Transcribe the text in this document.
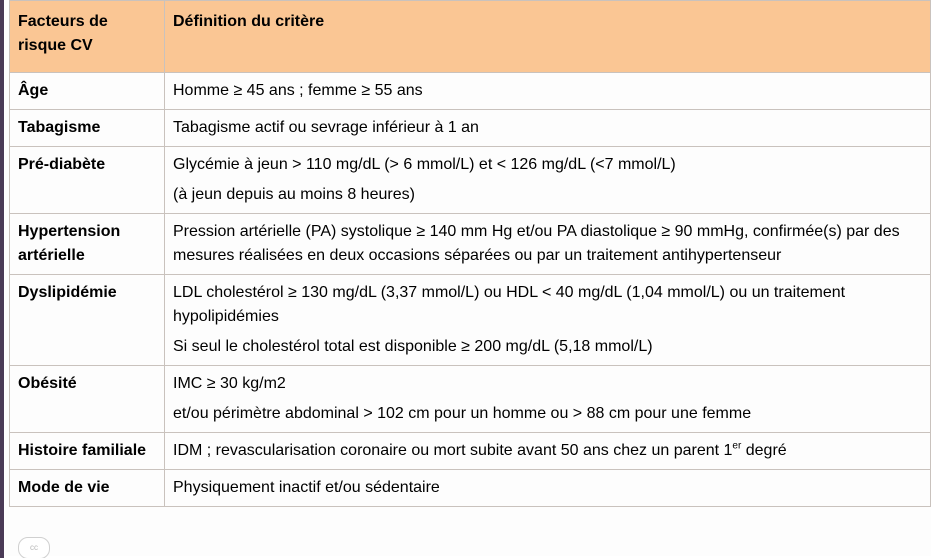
Facteurs de risque CV	Définition du critère
Âge	Homme ≥ 45 ans ; femme ≥ 55 ans

Tabagisme	Tabagisme actif ou sevrage inférieur à 1 an

Pré-diabète	Glycémie à jeun > 110 mg/dL (> 6 mmol/L) et < 126 mg/dL (<7 mmol/L)
(à jeun depuis au moins 8 heures)

Hypertension artérielle	Pression artérielle (PA) systolique ≥ 140 mm Hg et/ou PA diastolique ≥ 90 mmHg, confirmée(s) par des mesures réalisées en deux occasions séparées ou par un traitement antihypertenseur

Dyslipidémie	LDL cholestérol ≥ 130 mg/dL (3,37 mmol/L) ou HDL < 40 mg/dL (1,04 mmol/L) ou un traitement hypolipidémies
Si seul le cholestérol total est disponible ≥ 200 mg/dL (5,18 mmol/L)

Obésité	IMC ≥ 30 kg/m2
et/ou périmètre abdominal > 102 cm pour un homme ou > 88 cm pour une femme

Histoire familiale	IDM ; revascularisation coronaire ou mort subite avant 50 ans chez un parent 1er degré

Mode de vie	Physiquement inactif et/ou sédentaire
cc
